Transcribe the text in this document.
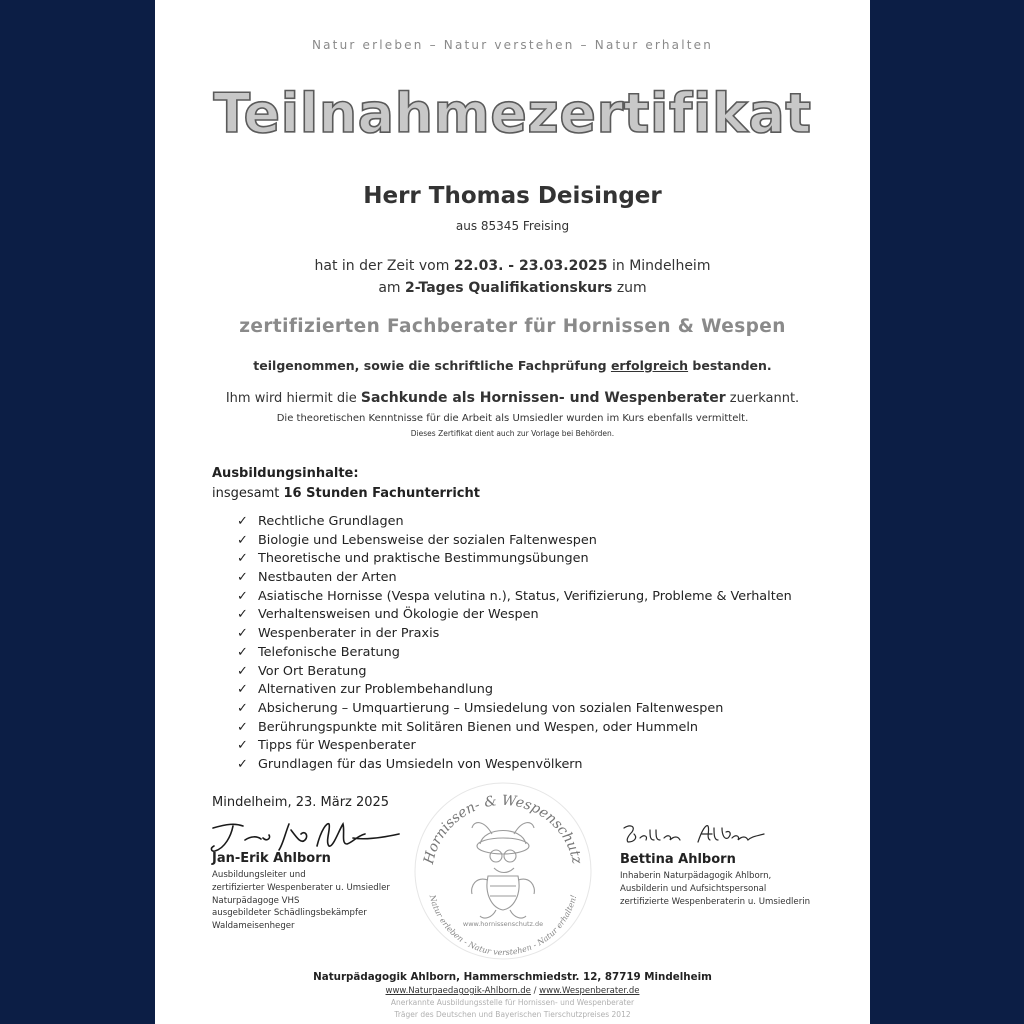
Natur erleben – Natur verstehen – Natur erhalten
Teilnahmezertifikat
Herr Thomas Deisinger
aus 85345 Freising
hat in der Zeit vom 22.03. - 23.03.2025 in Mindelheim
am 2-Tages Qualifikationskurs zum
zertifizierten Fachberater für Hornissen & Wespen
teilgenommen, sowie die schriftliche Fachprüfung erfolgreich bestanden.
Ihm wird hiermit die Sachkunde als Hornissen- und Wespenberater zuerkannt.
Die theoretischen Kenntnisse für die Arbeit als Umsiedler wurden im Kurs ebenfalls vermittelt.
Dieses Zertifikat dient auch zur Vorlage bei Behörden.
Ausbildungsinhalte:
insgesamt 16 Stunden Fachunterricht
✓ Rechtliche Grundlagen
✓ Biologie und Lebensweise der sozialen Faltenwespen
✓ Theoretische und praktische Bestimmungsübungen
✓ Nestbauten der Arten
✓ Asiatische Hornisse (Vespa velutina n.), Status, Verifizierung, Probleme & Verhalten
✓ Verhaltensweisen und Ökologie der Wespen
✓ Wespenberater in der Praxis
✓ Telefonische Beratung
✓ Vor Ort Beratung
✓ Alternativen zur Problembehandlung
✓ Absicherung – Umquartierung – Umsiedelung von sozialen Faltenwespen
✓ Berührungspunkte mit Solitären Bienen und Wespen, oder Hummeln
✓ Tipps für Wespenberater
✓ Grundlagen für das Umsiedeln von Wespenvölkern
Mindelheim, 23. März 2025
Jan-Erik Ahlborn
Ausbildungsleiter und
zertifizierter Wespenberater u. Umsiedler
Naturpädagoge VHS
ausgebildeter Schädlingsbekämpfer
Waldameisenheger
Bettina Ahlborn
Inhaberin Naturpädagogik Ahlborn,
Ausbilderin und Aufsichtspersonal
zertifizierte Wespenberaterin u. Umsiedlerin
Hornissen- & Wespenschutz
Natur erleben - Natur verstehen - Natur erhalten!
www.hornissenschutz.de
Naturpädagogik Ahlborn, Hammerschmiedstr. 12, 87719 Mindelheim
www.Naturpaedagogik-Ahlborn.de / www.Wespenberater.de
Anerkannte Ausbildungsstelle für Hornissen- und Wespenberater
Träger des Deutschen und Bayerischen Tierschutzpreises 2012
